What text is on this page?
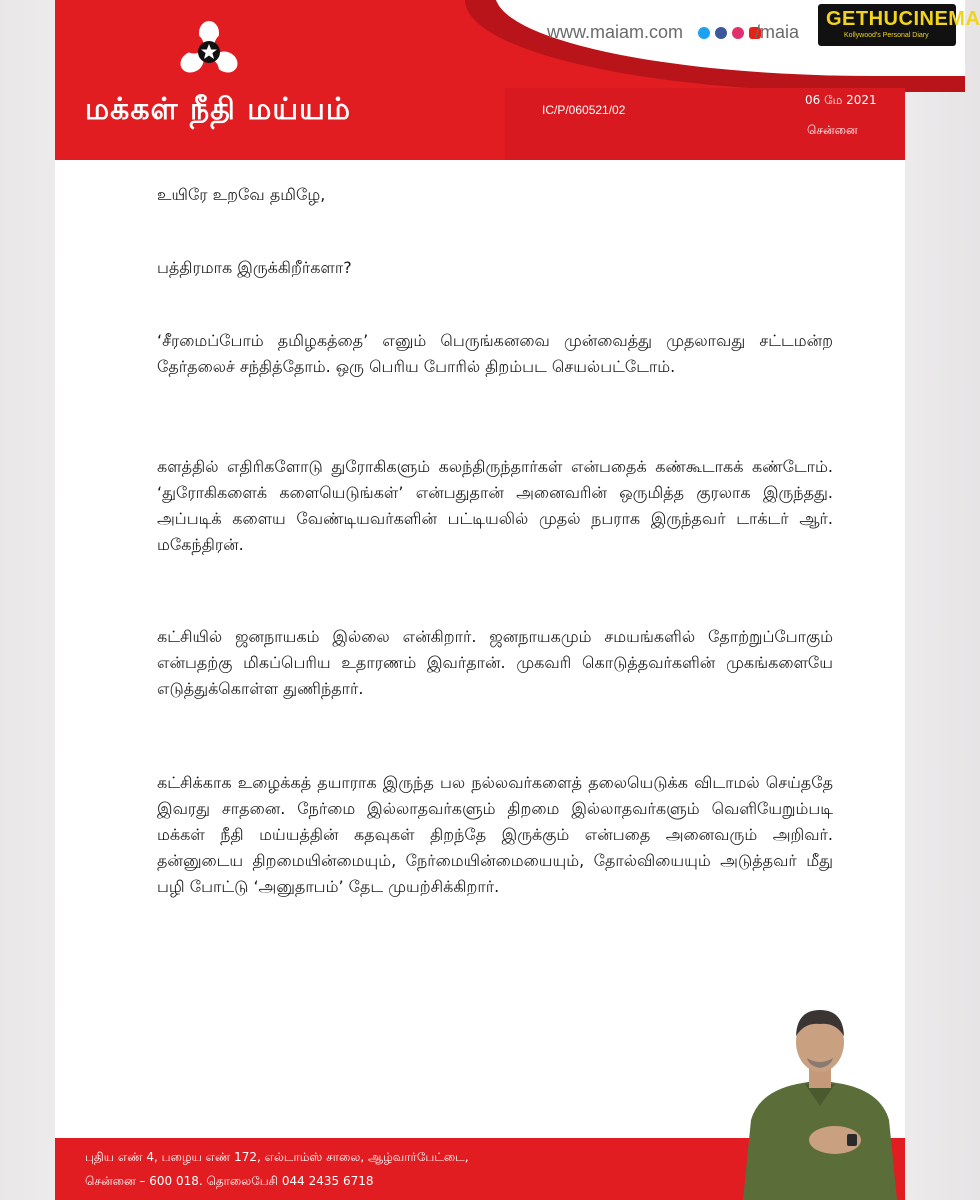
www.maiam.com	/maia
மக்கள் நீதி மய்யம்	IC/P/060521/02
06 மே 2021
சென்னை
உயிரே உறவே தமிழே,
பத்திரமாக இருக்கிறீர்களா?

‘சீரமைப்போம் தமிழகத்தை’ எனும் பெருங்கனவை முன்வைத்து முதலாவது சட்டமன்ற தேர்தலைச் சந்தித்தோம். ஒரு பெரிய போரில் திறம்பட செயல்பட்டோம்.

களத்தில் எதிரிகளோடு துரோகிகளும் கலந்திருந்தார்கள் என்பதைக் கண்கூடாகக் கண்டோம். ‘துரோகிகளைக் களையெடுங்கள்’ என்பதுதான் அனைவரின் ஒருமித்த குரலாக இருந்தது. அப்படிக் களைய வேண்டியவர்களின் பட்டியலில் முதல் நபராக இருந்தவர் டாக்டர் ஆர். மகேந்திரன்.

கட்சியில் ஜனநாயகம் இல்லை என்கிறார். ஜனநாயகமும் சமயங்களில் தோற்றுப்போகும் என்பதற்கு மிகப்பெரிய உதாரணம் இவர்தான். முகவரி கொடுத்தவர்களின் முகங்களையே எடுத்துக்கொள்ள துணிந்தார்.

கட்சிக்காக உழைக்கத் தயாராக இருந்த பல நல்லவர்களைத் தலையெடுக்க விடாமல் செய்ததே இவரது சாதனை. நேர்மை இல்லாதவர்களும் திறமை இல்லாதவர்களும் வெளியேறும்படி மக்கள் நீதி மய்யத்தின் கதவுகள் திறந்தே இருக்கும் என்பதை அனைவரும் அறிவர். தன்னுடைய திறமையின்மையும், நேர்மையின்மையையும், தோல்வியையும் அடுத்தவர் மீது பழி போட்டு ‘அனுதாபம்’ தேட முயற்சிக்கிறார்.

புதிய எண் 4, பழைய எண் 172, எல்டாம்ஸ் சாலை, ஆழ்வார்பேட்டை,
சென்னை – 600 018. தொலைபேசி 044 2435 6718
GETHUCINEMA
Kollywood's Personal Diary
